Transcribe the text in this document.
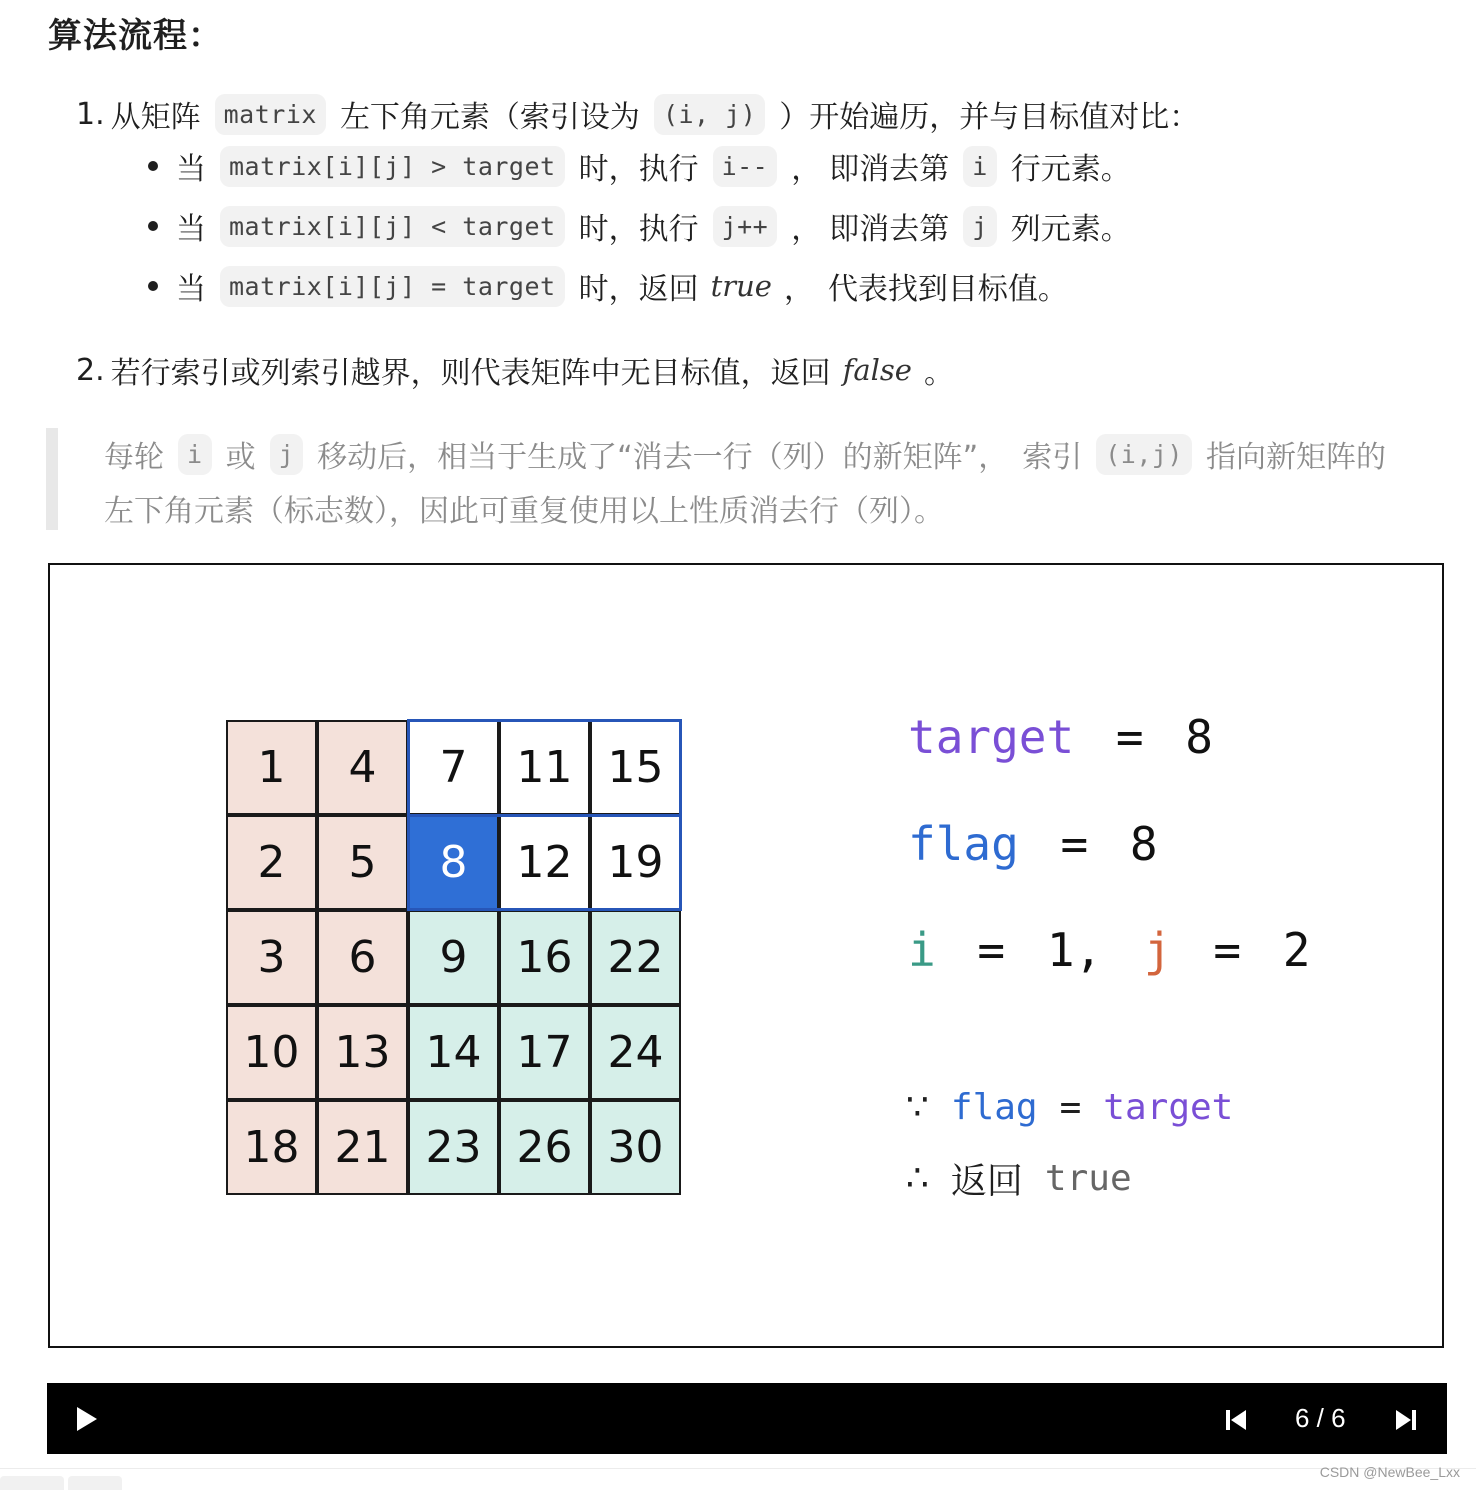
算法流程：
1. 从矩阵 matrix 左下角元素（索引设为 (i, j) ）开始遍历，并与目标值对比：
当 matrix[i][j] > target 时，执行 i-- ， 即消去第 i 行元素。
当 matrix[i][j] < target 时，执行 j++ ， 即消去第 j 列元素。
当 matrix[i][j] = target 时，返回 true ， 代表找到目标值。
2. 若行索引或列索引越界，则代表矩阵中无目标值，返回 false 。
每轮 i 或 j 移动后，相当于生成了“消去一行（列）的新矩阵”， 索引 (i,j) 指向新矩阵的
左下角元素（标志数），因此可重复使用以上性质消去行（列）。
1	4	7	11 15
2	5	8	12 19
3	6	9	16 22
10 13 14 17 24
18 21 23 26 30
target = 8
flag = 8
i = 1, j = 2
∵ flag = target
∴ 返回 true
6 / 6
CSDN @NewBee_Lxx
